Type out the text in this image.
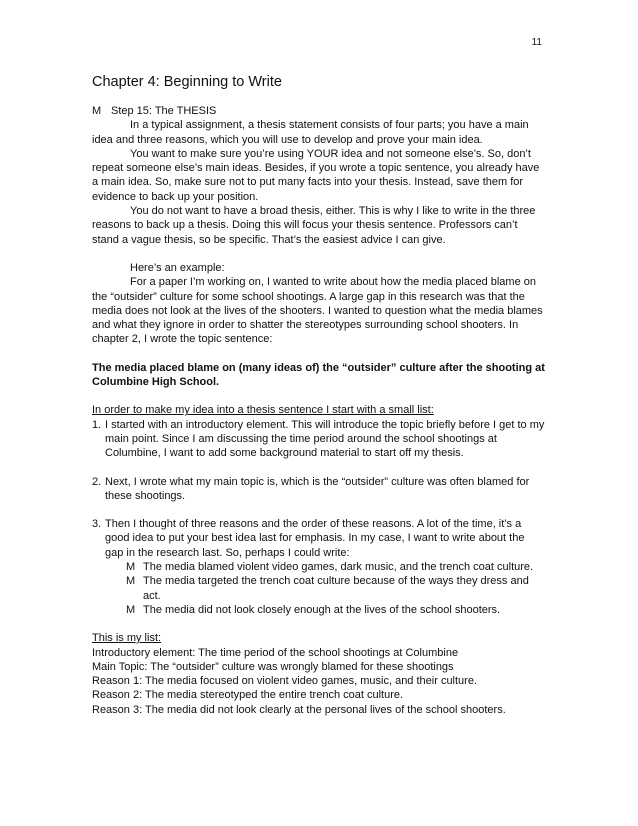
11
Chapter 4: Beginning to Write

M Step 15: The THESIS

In a typical assignment, a thesis statement consists of four parts; you have a main idea and three reasons, which you will use to develop and prove your main idea.

You want to make sure you’re using YOUR idea and not someone else’s. So, don’t repeat someone else’s main ideas. Besides, if you wrote a topic sentence, you already have a main idea. So, make sure not to put many facts into your thesis. Instead, save them for evidence to back up your position.

You do not want to have a broad thesis, either. This is why I like to write in the three reasons to back up a thesis. Doing this will focus your thesis sentence. Professors can’t stand a vague thesis, so be specific. That’s the easiest advice I can give.

Here’s an example:

For a paper I’m working on, I wanted to write about how the media placed blame on the “outsider” culture for some school shootings. A large gap in this research was that the media does not look at the lives of the shooters. I wanted to question what the media blames and what they ignore in order to shatter the stereotypes surrounding school shooters. In chapter 2, I wrote the topic sentence:

The media placed blame on (many ideas of) the “outsider” culture after the shooting at Columbine High School.

In order to make my idea into a thesis sentence I start with a small list:

1. I started with an introductory element. This will introduce the topic briefly before I get to my main point. Since I am discussing the time period around the school shootings at Columbine, I want to add some background material to start off my thesis.

2. Next, I wrote what my main topic is, which is the “outsider” culture was often blamed for these shootings.

3. Then I thought of three reasons and the order of these reasons. A lot of the time, it’s a good idea to put your best idea last for emphasis. In my case, I want to write about the gap in the research last. So, perhaps I could write:

M The media blamed violent video games, dark music, and the trench coat culture.

M The media targeted the trench coat culture because of the ways they dress and act.

M The media did not look closely enough at the lives of the school shooters.

This is my list:

Introductory element: The time period of the school shootings at Columbine

Main Topic: The “outsider” culture was wrongly blamed for these shootings

Reason 1: The media focused on violent video games, music, and their culture.

Reason 2: The media stereotyped the entire trench coat culture.

Reason 3: The media did not look clearly at the personal lives of the school shooters.
